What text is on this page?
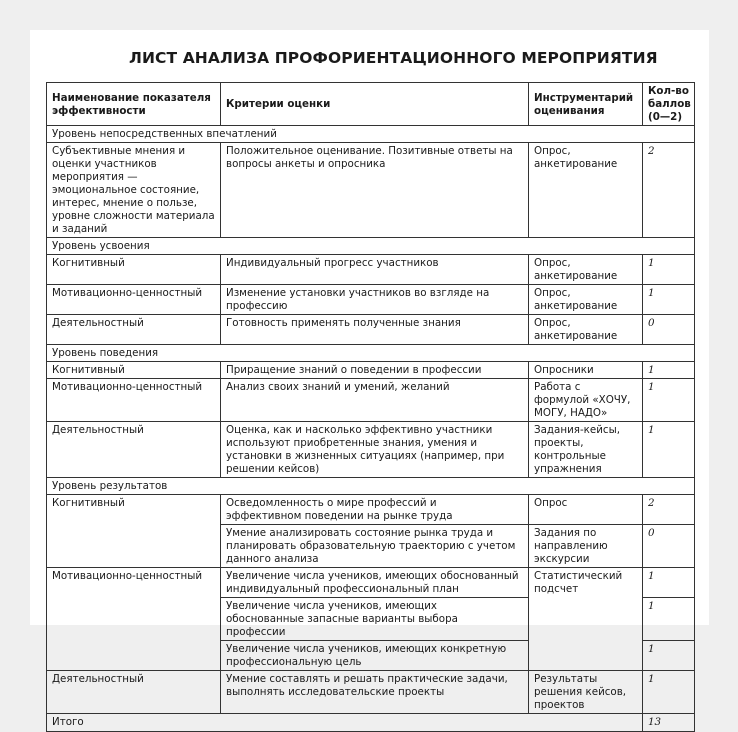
ЛИСТ АНАЛИЗА ПРОФОРИЕНТАЦИОННОГО МЕРОПРИЯТИЯ
Наименование показателя эффективности	Критерии оценки	Инструментарий оценивания	Кол-во баллов (0—2)
Уровень непосредственных впечатлений			
Субъективные мнения и оценки участников мероприятия — эмоциональное состояние, интерес, мнение о пользе, уровне сложности материала и заданий	Положительное оценивание. Позитивные ответы на вопросы анкеты и опросника	Опрос, анкетирование	2
Уровень усвоения			
Когнитивный	Индивидуальный прогресс участников	Опрос, анкетирование	1
Мотивационно-ценностный	Изменение установки участников во взгляде на профессию	Опрос, анкетирование	1
Деятельностный	Готовность применять полученные знания	Опрос, анкетирование	0
Уровень поведения			
Когнитивный	Приращение знаний о поведении в профессии	Опросники	1
Мотивационно-ценностный	Анализ своих знаний и умений, желаний	Работа с формулой «ХОЧУ, МОГУ, НАДО»	1
Деятельностный	Оценка, как и насколько эффективно участники используют приобретенные знания, умения и установки в жизненных ситуациях (например, при решении кейсов)	Задания-кейсы, проекты, контрольные упражнения	1
Уровень результатов			
Когнитивный	Осведомленность о мире профессий и эффективном поведении на рынке труда	Опрос	2
	Умение анализировать состояние рынка труда и планировать образовательную траекторию с учетом данного анализа	Задания по направлению экскурсии	0
Мотивационно-ценностный	Увеличение числа учеников, имеющих обоснованный индивидуальный профессиональный план	Статистический подсчет	1
	Увеличение числа учеников, имеющих обоснованные запасные варианты выбора профессии		1
	Увеличение числа учеников, имеющих конкретную профессиональную цель		1
Деятельностный	Умение составлять и решать практические задачи, выполнять исследовательские проекты	Результаты решения кейсов, проектов	1
Итого			13
